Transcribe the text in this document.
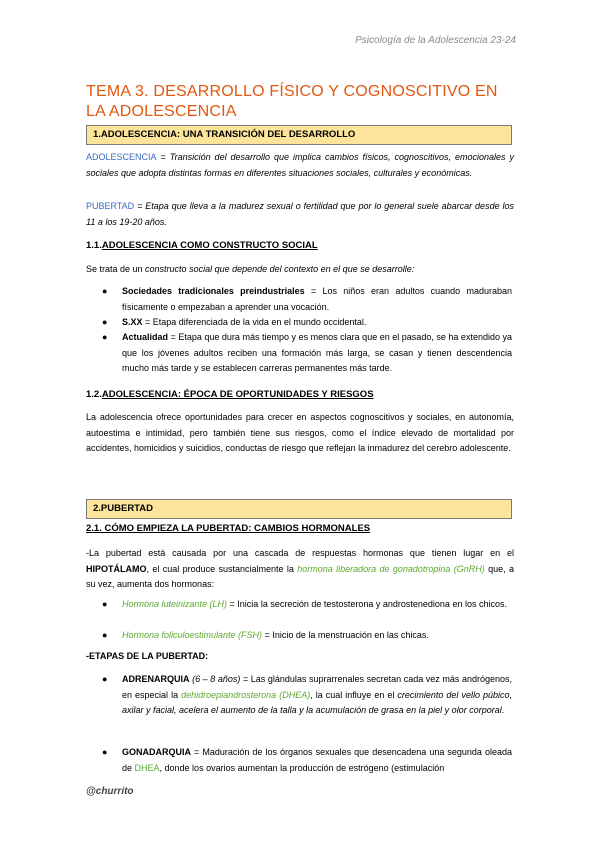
Psicología de la Adolescencia 23-24
TEMA 3. DESARROLLO FÍSICO Y COGNOSCITIVO EN LA ADOLESCENCIA
1.ADOLESCENCIA: UNA TRANSICIÓN DEL DESARROLLO
ADOLESCENCIA = Transición del desarrollo que implica cambios físicos, cognoscitivos, emocionales y sociales que adopta distintas formas en diferentes situaciones sociales, culturales y económicas.
PUBERTAD = Etapa que lleva a la madurez sexual o fertilidad que por lo general suele abarcar desde los 11 a los 19-20 años.
1.1.ADOLESCENCIA COMO CONSTRUCTO SOCIAL
Se trata de un constructo social que depende del contexto en el que se desarrolle:
● Sociedades tradicionales preindustriales = Los niños eran adultos cuando maduraban físicamente o empezaban a aprender una vocación.
● S.XX = Etapa diferenciada de la vida en el mundo occidental.
● Actualidad = Etapa que dura más tiempo y es menos clara que en el pasado, se ha extendido ya que los jóvenes adultos reciben una formación más larga, se casan y tienen descendencia mucho más tarde y se establecen carreras permanentes más tarde.
1.2.ADOLESCENCIA: ÉPOCA DE OPORTUNIDADES Y RIESGOS
La adolescencia ofrece oportunidades para crecer en aspectos cognoscitivos y sociales, en autonomía, autoestima e intimidad, pero también tiene sus riesgos, como el índice elevado de mortalidad por accidentes, homicidios y suicidios, conductas de riesgo que reflejan la inmadurez del cerebro adolescente.
2.PUBERTAD
2.1. CÓMO EMPIEZA LA PUBERTAD: CAMBIOS HORMONALES
-La pubertad está causada por una cascada de respuestas hormonas que tienen lugar en el HIPOTÁLAMO, el cual produce sustancialmente la hormona liberadora de gonadotropina (GnRH) que, a su vez, aumenta dos hormonas:
● Hormona luteinizante (LH) = Inicia la secreción de testosterona y androstenediona en los chicos.
● Hormona foliculoestimulante (FSH) = Inicio de la menstruación en las chicas.
-ETAPAS DE LA PUBERTAD:
● ADRENARQUIA (6 – 8 años) = Las glándulas suprarrenales secretan cada vez más andrógenos, en especial la dehidroepiandrosterona (DHEA), la cual influye en el crecimiento del vello púbico, axilar y facial, acelera el aumento de la talla y la acumulación de grasa en la piel y olor corporal.
● GONADARQUIA = Maduración de los órganos sexuales que desencadena una segunda oleada de DHEA, donde los ovarios aumentan la producción de estrógeno (estimulación
@churrito
